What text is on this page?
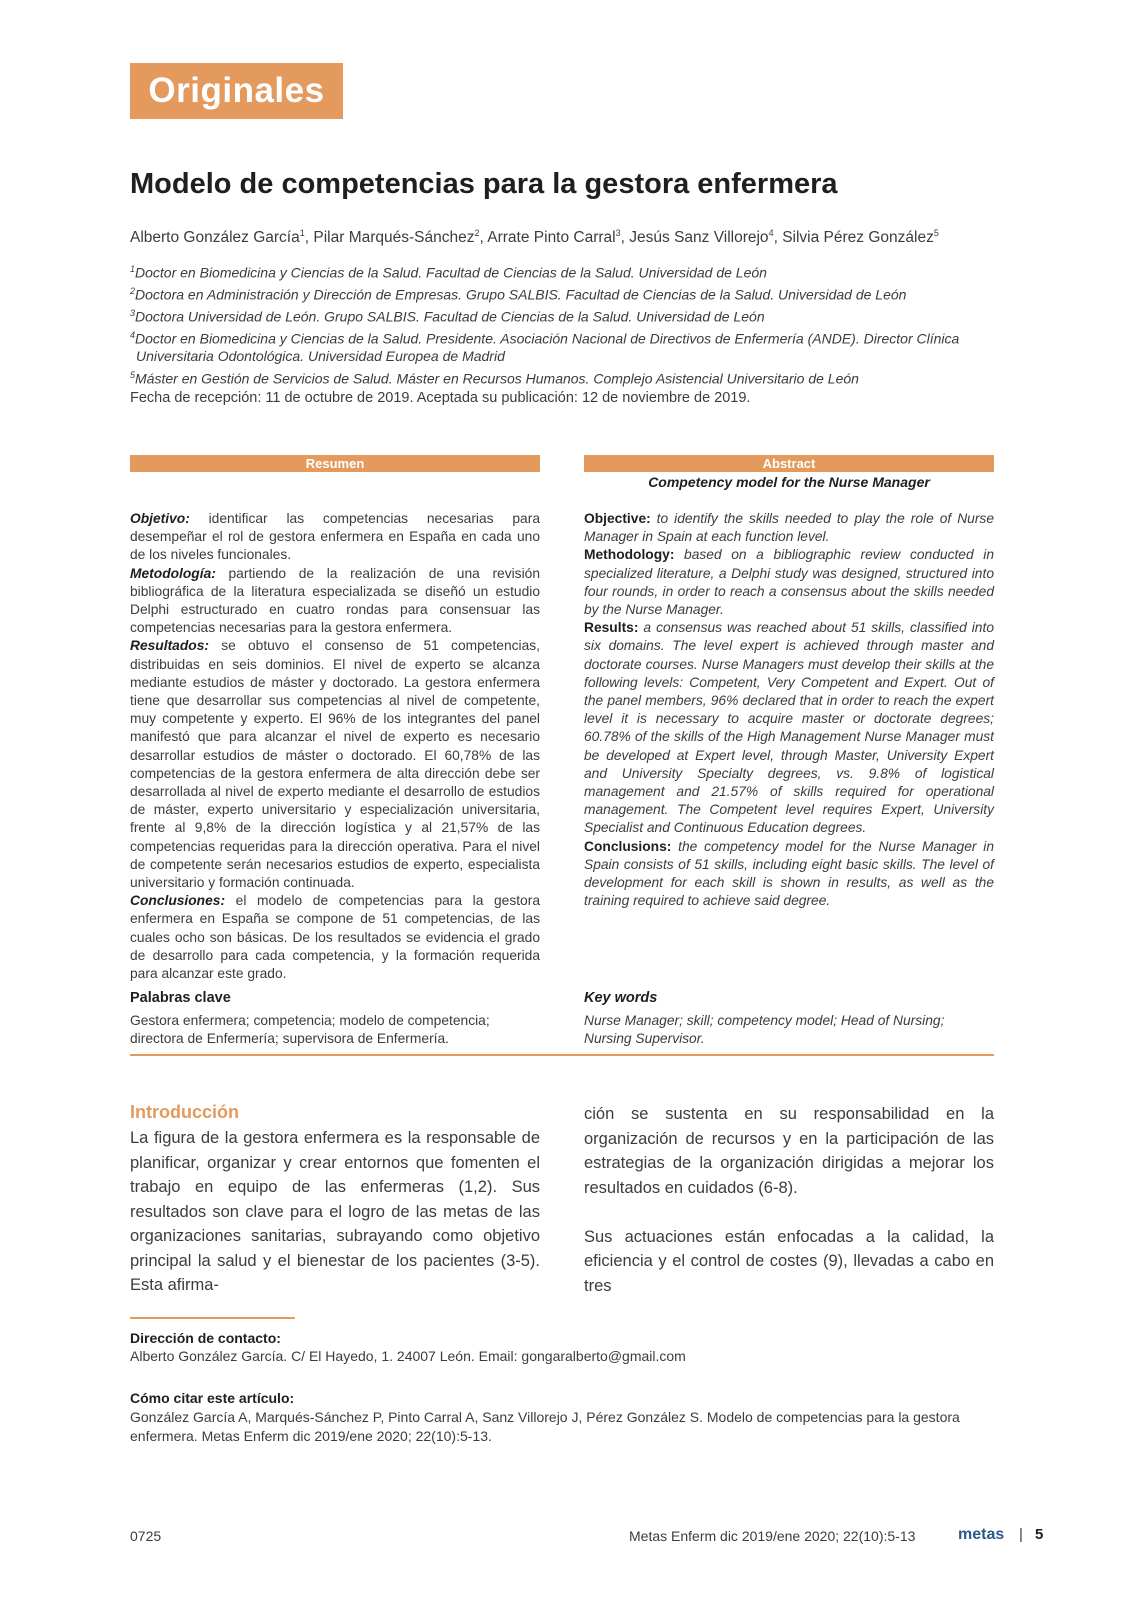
Originales
Modelo de competencias para la gestora enfermera
Alberto González García$^1$, Pilar Marqués-Sánchez$^2$, Arrate Pinto Carral$^3$, Jesús Sanz Villorejo$^4$, Silvia Pérez González$^5$

$^1$Doctor en Biomedicina y Ciencias de la Salud. Facultad de Ciencias de la Salud. Universidad de León

$^2$Doctora en Administración y Dirección de Empresas. Grupo SALBIS. Facultad de Ciencias de la Salud. Universidad de León

$^3$Doctora Universidad de León. Grupo SALBIS. Facultad de Ciencias de la Salud. Universidad de León

$^4$Doctor en Biomedicina y Ciencias de la Salud. Presidente. Asociación Nacional de Directivos de Enfermería (ANDE). Director Clínica

Universitaria Odontológica. Universidad Europea de Madrid

$^5$Máster en Gestión de Servicios de Salud. Máster en Recursos Humanos. Complejo Asistencial Universitario de León

Fecha de recepción: 11 de octubre de 2019. Aceptada su publicación: 12 de noviembre de 2019.
Resumen	Abstract
Competency model for the Nurse Manager

Objetivo: identificar las competencias necesarias para desempeñar el rol de gestora enfermera en España en cada uno de los niveles funcionales.

Metodología: partiendo de la realización de una revisión bibliográfica de la literatura especializada se diseñó un estudio Delphi estructurado en cuatro rondas para consensuar las competencias necesarias para la gestora enfermera.

Resultados: se obtuvo el consenso de 51 competencias, distribuidas en seis dominios. El nivel de experto se alcanza mediante estudios de máster y doctorado. La gestora enfermera tiene que desarrollar sus competencias al nivel de competente, muy competente y experto. El 96% de los integrantes del panel manifestó que para alcanzar el nivel de experto es necesario desarrollar estudios de máster o doctorado. El 60,78% de las competencias de la gestora enfermera de alta dirección debe ser desarrollada al nivel de experto mediante el desarrollo de estudios de máster, experto universitario y especialización universitaria, frente al 9,8% de la dirección logística y al 21,57% de las competencias requeridas para la dirección operativa. Para el nivel de competente serán necesarios estudios de experto, especialista universitario y formación continuada.

Conclusiones: el modelo de competencias para la gestora enfermera en España se compone de 51 competencias, de las cuales ocho son básicas. De los resultados se evidencia el grado de desarrollo para cada competencia, y la formación requerida para alcanzar este grado.

Objective: to identify the skills needed to play the role of Nurse Manager in Spain at each function level.

Methodology: based on a bibliographic review conducted in specialized literature, a Delphi study was designed, structured into four rounds, in order to reach a consensus about the skills needed by the Nurse Manager.

Results: a consensus was reached about 51 skills, classified into six domains. The level expert is achieved through master and doctorate courses. Nurse Managers must develop their skills at the following levels: Competent, Very Competent and Expert. Out of the panel members, 96% declared that in order to reach the expert level it is necessary to acquire master or doctorate degrees; 60.78% of the skills of the High Management Nurse Manager must be developed at Expert level, through Master, University Expert and University Specialty degrees, vs. 9.8% of logistical management and 21.57% of skills required for operational management. The Competent level requires Expert, University Specialist and Continuous Education degrees.

Conclusions: the competency model for the Nurse Manager in Spain consists of 51 skills, including eight basic skills. The level of development for each skill is shown in results, as well as the training required to achieve said degree.

Palabras clave	Key words
Gestora enfermera; competencia; modelo de competencia; directora de Enfermería; supervisora de Enfermería.
Nurse Manager; skill; competency model; Head of Nursing; Nursing Supervisor.
Introducción

La figura de la gestora enfermera es la responsable de planificar, organizar y crear entornos que fomenten el trabajo en equipo de las enfermeras (1,2). Sus resultados son clave para el logro de las metas de las organizaciones sanitarias, subrayando como objetivo principal la salud y el bienestar de los pacientes (3-5). Esta afirma-

ción se sustenta en su responsabilidad en la organización de recursos y en la participación de las estrategias de la organización dirigidas a mejorar los resultados en cuidados (6-8).

Sus actuaciones están enfocadas a la calidad, la eficiencia y el control de costes (9), llevadas a cabo en tres

Dirección de contacto:
Alberto González García. C/ El Hayedo, 1. 24007 León. Email: gongaralberto@gmail.com
Cómo citar este artículo:
González García A, Marqués-Sánchez P, Pinto Carral A, Sanz Villorejo J, Pérez González S. Modelo de competencias para la gestora enfermera. Metas Enferm dic 2019/ene 2020; 22(10):5-13.
0725	Metas Enferm dic 2019/ene 2020; 22(10):5-13	metas | 5
